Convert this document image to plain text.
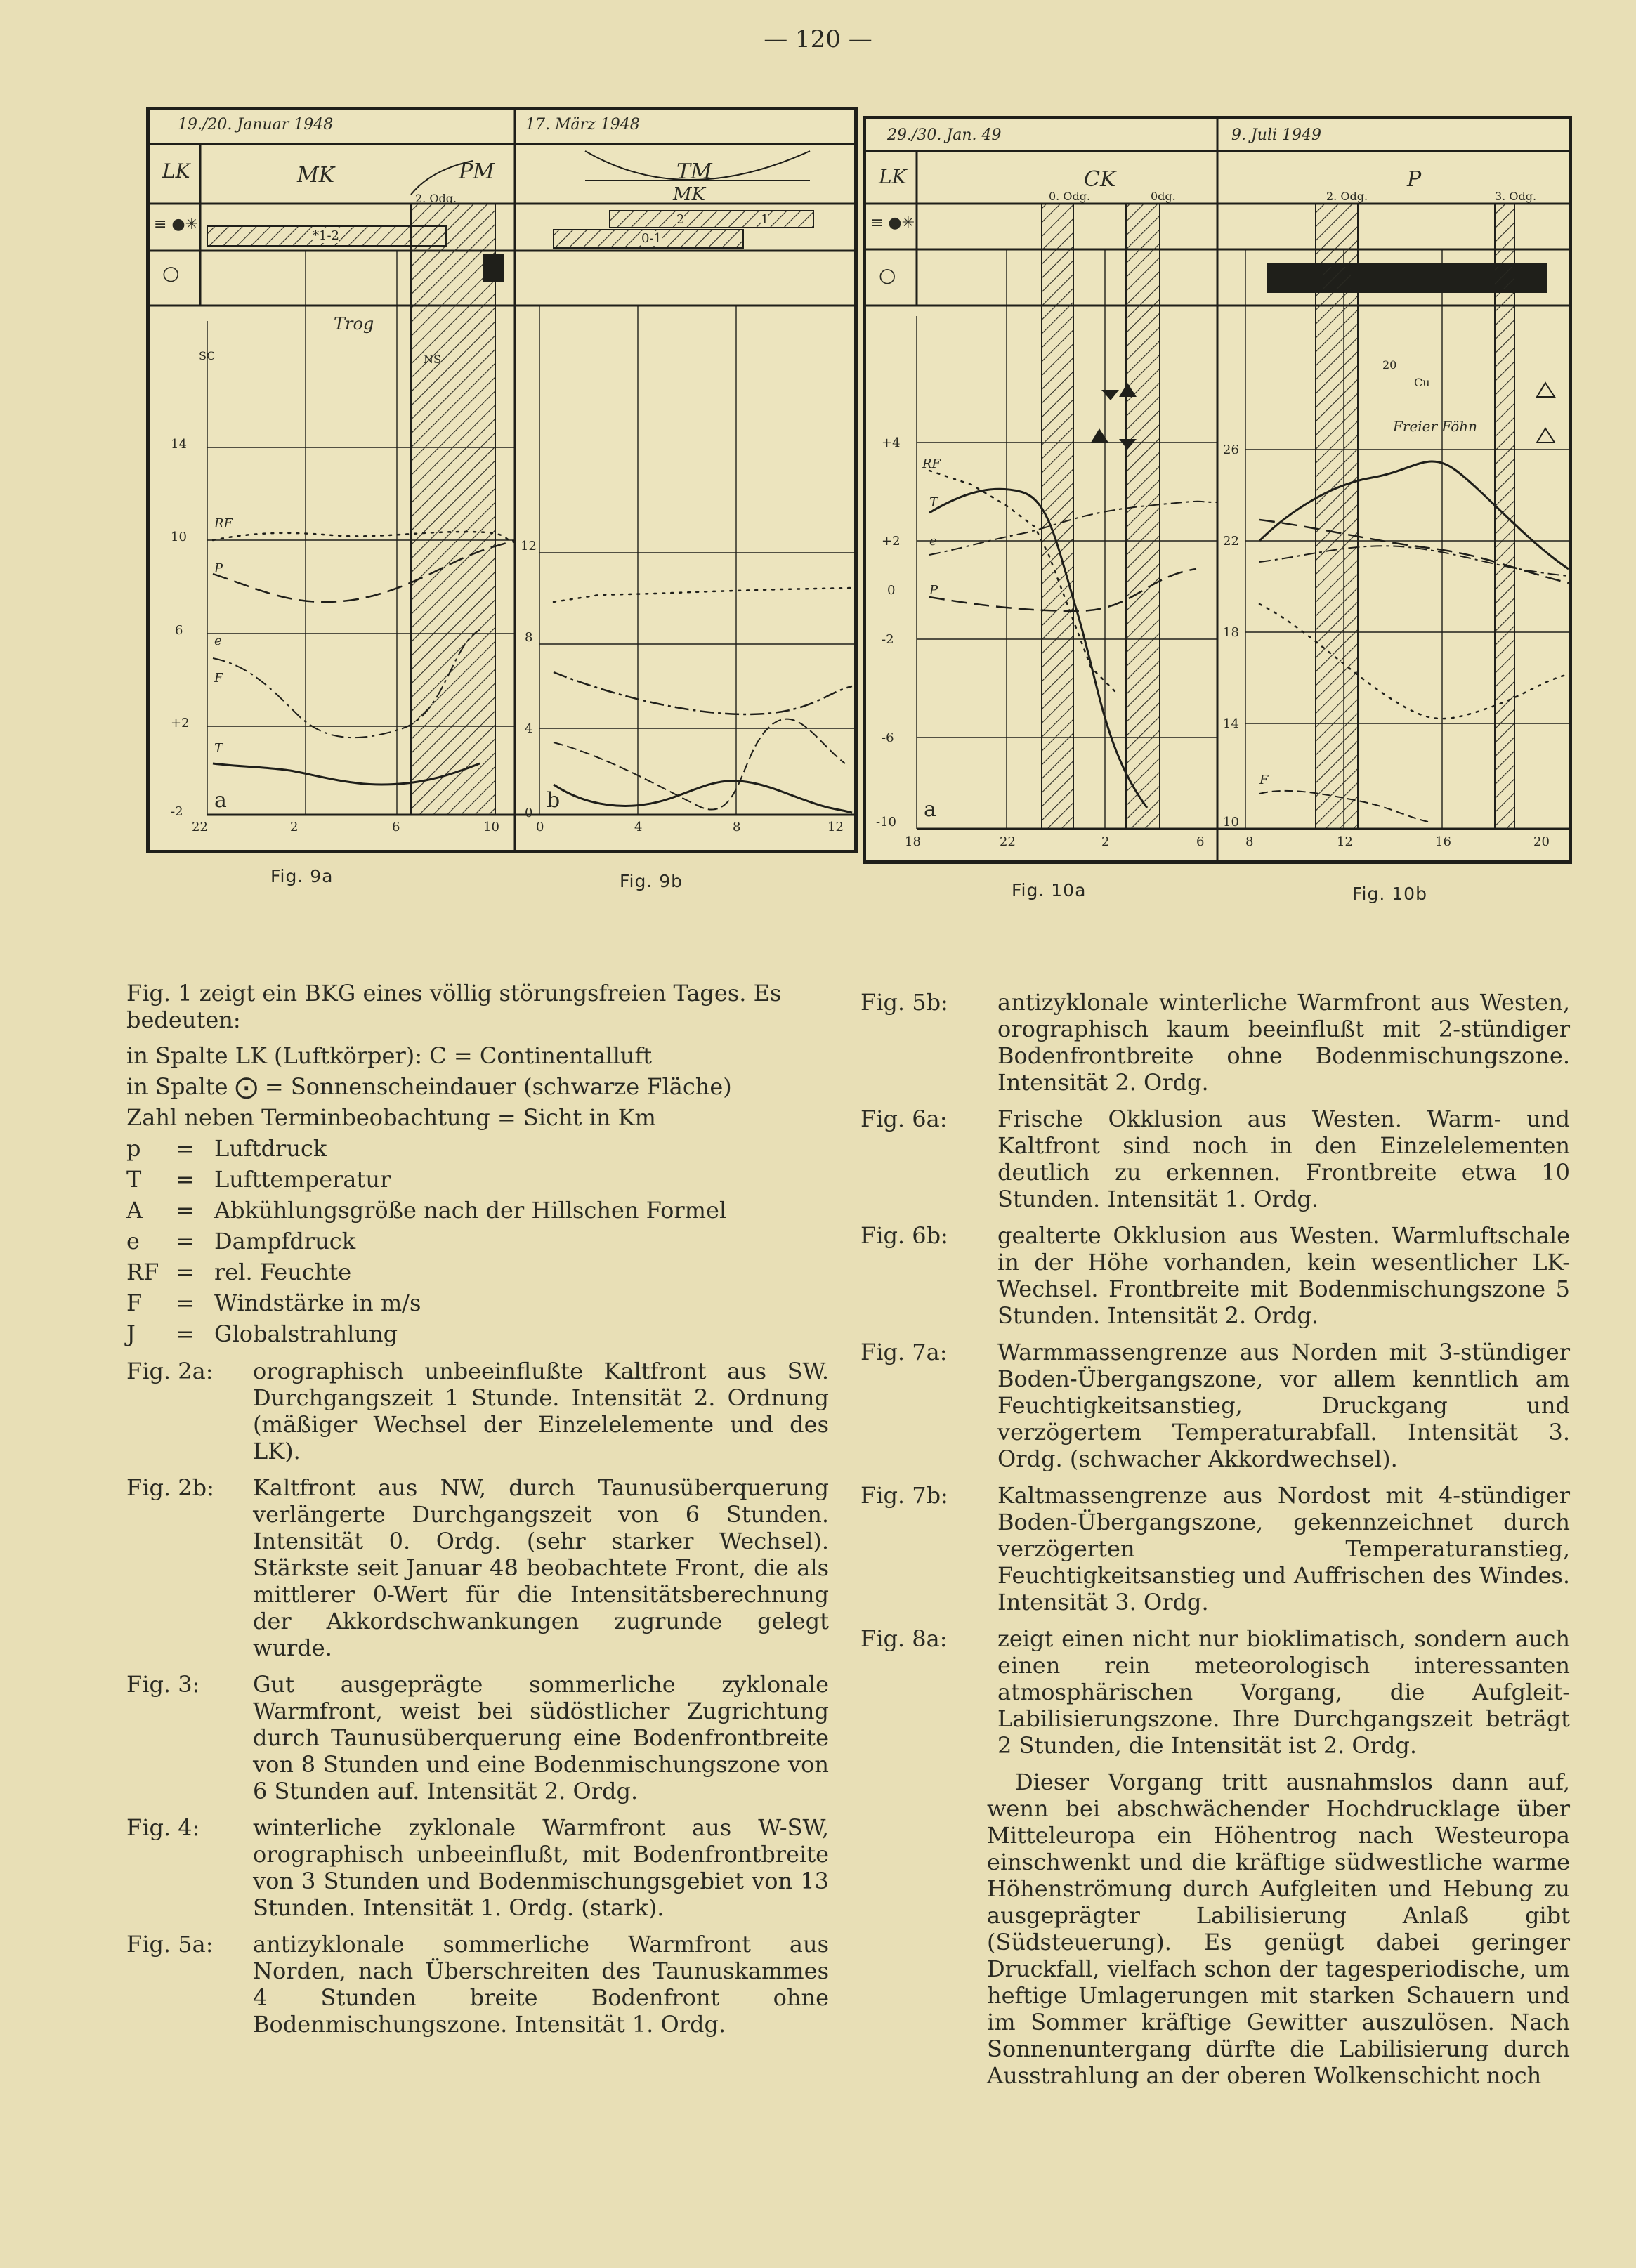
— 120 —
19./20. Januar 1948	17. März 1948
LK
≡ ●✳
○
MK	PM	TM
MK
2. Odg.
*1-2	0-1
2	1
Trog
SC	NS
RF
P
e
F
T
14
10
6
+2
-2
12
8
4
0
22	2	6	10	0	4	8	12
a	b
29./30. Jan. 49	9. Juli 1949
LK
≡ ●✳
○
CK	P
0. Odg.	0dg.	2. Odg.	3. Odg.
Freier Föhn
20
Cu
RF
T
e
P
F
+4
+2
0
-2
-6
-10
26
22
18
14
10
18	22	2	6	8	12	16	20
a
Fig. 9a	Fig. 9b	Fig. 10a	Fig. 10b
Fig. 1 zeigt ein BKG eines völlig störungsfreien Tages. Es bedeuten:
in Spalte LK (Luftkörper): C = Continentalluft
in Spalte ⨀ = Sonnenscheindauer (schwarze Fläche)
Zahl neben Terminbeobachtung = Sicht in Km
p	= Luftdruck
T	= Lufttemperatur
A	= Abkühlungsgröße nach der Hillschen Formel
e	= Dampfdruck
RF = rel. Feuchte
F	= Windstärke in m/s
J	= Globalstrahlung
Fig. 2a:	orographisch unbeeinflußte Kaltfront aus SW. Durchgangszeit 1 Stunde. Intensität 2. Ordnung (mäßiger Wechsel der Einzelelemente und des LK).
Fig. 2b:	Kaltfront aus NW, durch Taunusüberquerung verlängerte Durchgangszeit von 6 Stunden. Intensität 0. Ordg. (sehr starker Wechsel). Stärkste seit Januar 48 beobachtete Front, die als mittlerer 0-Wert für die Intensitätsberechnung der Akkordschwankungen zugrunde gelegt wurde.
Fig. 3:	Gut ausgeprägte sommerliche zyklonale Warmfront, weist bei südöstlicher Zugrichtung durch Taunusüberquerung eine Bodenfrontbreite von 8 Stunden und eine Bodenmischungszone von 6 Stunden auf. Intensität 2. Ordg.
Fig. 4:	winterliche zyklonale Warmfront aus W-SW, orographisch unbeeinflußt, mit Bodenfrontbreite von 3 Stunden und Bodenmischungsgebiet von 13 Stunden. Intensität 1. Ordg. (stark).
Fig. 5a:	antizyklonale sommerliche Warmfront aus Norden, nach Überschreiten des Taunuskammes 4 Stunden breite Bodenfront ohne Bodenmischungszone. Intensität 1. Ordg.
Fig. 5b:	antizyklonale winterliche Warmfront aus Westen, orographisch kaum beeinflußt mit 2-stündiger Bodenfrontbreite ohne Bodenmischungszone. Intensität 2. Ordg.
Fig. 6a:	Frische Okklusion aus Westen. Warm- und Kaltfront sind noch in den Einzelelementen deutlich zu erkennen. Frontbreite etwa 10 Stunden. Intensität 1. Ordg.
Fig. 6b:	gealterte Okklusion aus Westen. Warmluftschale in der Höhe vorhanden, kein wesentlicher LK-Wechsel. Frontbreite mit Bodenmischungszone 5 Stunden. Intensität 2. Ordg.
Fig. 7a:	Warmmassengrenze aus Norden mit 3-stündiger Boden-Übergangszone, vor allem kenntlich am Feuchtigkeitsanstieg, Druckgang und verzögertem Temperaturabfall. Intensität 3. Ordg. (schwacher Akkordwechsel).
Fig. 7b:	Kaltmassengrenze aus Nordost mit 4-stündiger Boden-Übergangszone, gekennzeichnet durch verzögerten Temperaturanstieg, Feuchtigkeitsanstieg und Auffrischen des Windes. Intensität 3. Ordg.
Fig. 8a:	zeigt einen nicht nur bioklimatisch, sondern auch einen rein meteorologisch interessanten atmosphärischen Vorgang, die Aufgleit-Labilisierungszone. Ihre Durchgangszeit beträgt 2 Stunden, die Intensität ist 2. Ordg.
Dieser Vorgang tritt ausnahmslos dann auf, wenn bei abschwächender Hochdrucklage über Mitteleuropa ein Höhentrog nach Westeuropa einschwenkt und die kräftige südwestliche warme Höhenströmung durch Aufgleiten und Hebung zu ausgeprägter Labilisierung Anlaß gibt (Südsteuerung). Es genügt dabei geringer Druckfall, vielfach schon der tagesperiodische, um heftige Umlagerungen mit starken Schauern und im Sommer kräftige Gewitter auszulösen. Nach Sonnenuntergang dürfte die Labilisierung durch Ausstrahlung an der oberen Wolkenschicht noch
